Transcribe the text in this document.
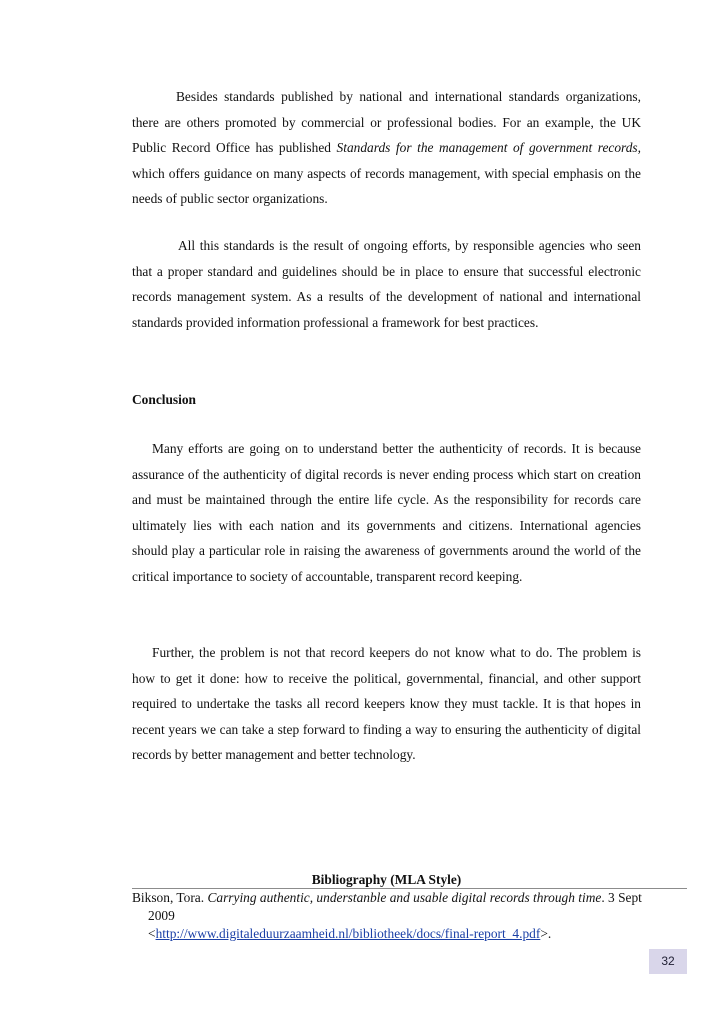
Besides standards published by national and international standards organizations, there are others promoted by commercial or professional bodies. For an example, the UK Public Record Office has published Standards for the management of government records, which offers guidance on many aspects of records management, with special emphasis on the needs of public sector organizations.

All this standards is the result of ongoing efforts, by responsible agencies who seen that a proper standard and guidelines should be in place to ensure that successful electronic records management system. As a results of the development of national and international standards provided information professional a framework for best practices.

Conclusion

Many efforts are going on to understand better the authenticity of records. It is because assurance of the authenticity of digital records is never ending process which start on creation and must be maintained through the entire life cycle. As the responsibility for records care ultimately lies with each nation and its governments and citizens. International agencies should play a particular role in raising the awareness of governments around the world of the critical importance to society of accountable, transparent record keeping.

Further, the problem is not that record keepers do not know what to do. The problem is how to get it done: how to receive the political, governmental, financial, and other support required to undertake the tasks all record keepers know they must tackle. It is that hopes in recent years we can take a step forward to finding a way to ensuring the authenticity of digital records by better management and better technology.

Bibliography (MLA Style)
Bikson, Tora. Carrying authentic, understanble and usable digital records through time. 3 Sept 2009
<http://www.digitaleduurzaamheid.nl/bibliotheek/docs/final-report_4.pdf>.
32
